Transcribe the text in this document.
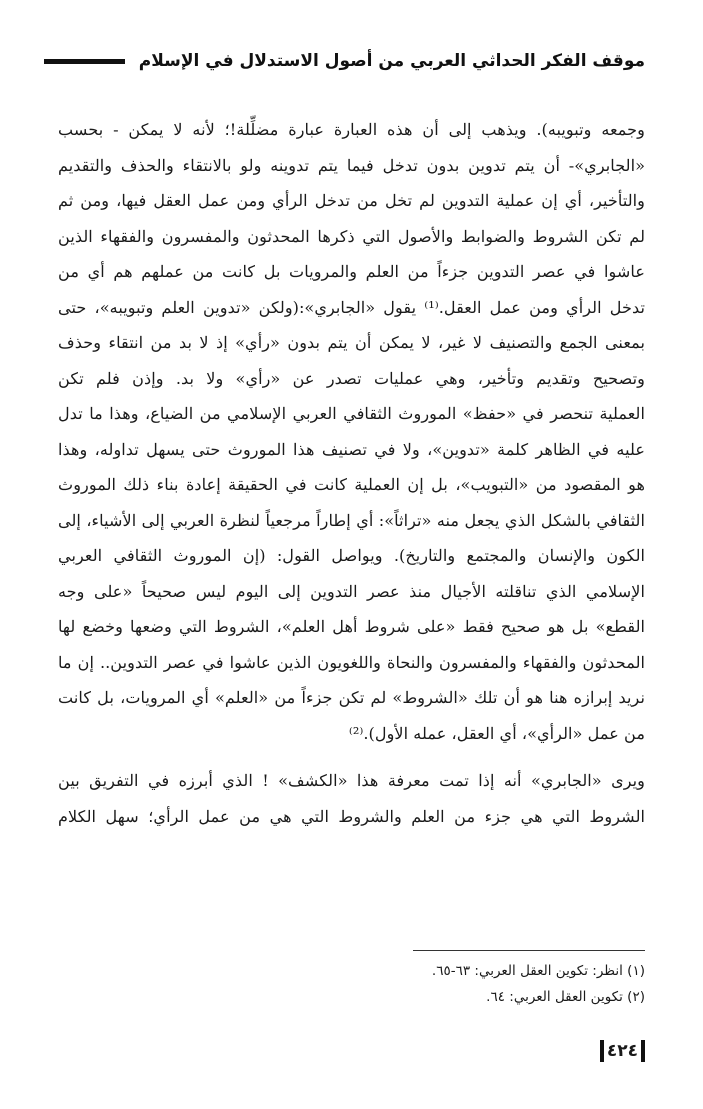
موقف الفكر الحداثي العربي من أصول الاستدلال في الإسلام

وجمعه وتبويبه). ويذهب إلى أن هذه العبارة عبارة مضلِّلة!؛ لأنه لا يمكن - بحسب
«الجابري»- أن يتم تدوين بدون تدخل فيما يتم تدوينه ولو بالانتقاء والحذف والتقديم
والتأخير، أي إن عملية التدوين لم تخل من تدخل الرأي ومن عمل العقل فيها، ومن ثم
لم تكن الشروط والضوابط والأصول التي ذكرها المحدثون والمفسرون والفقهاء الذين
عاشوا في عصر التدوين جزءاً من العلم والمرويات بل كانت من عملهم هم أي من
تدخل الرأي ومن عمل العقل.⁽¹⁾ يقول «الجابري»:(ولكن «تدوين العلم وتبويبه»، حتى
بمعنى الجمع والتصنيف لا غير، لا يمكن أن يتم بدون «رأي» إذ لا بد من انتقاء وحذف
وتصحيح وتقديم وتأخير، وهي عمليات تصدر عن «رأي» ولا بد. وإذن فلم تكن
العملية تنحصر في «حفظ» الموروث الثقافي العربي الإسلامي من الضياع، وهذا ما تدل
عليه في الظاهر كلمة «تدوين»، ولا في تصنيف هذا الموروث حتى يسهل تداوله، وهذا
هو المقصود من «التبويب»، بل إن العملية كانت في الحقيقة إعادة بناء ذلك الموروث
الثقافي بالشكل الذي يجعل منه «تراثاً»: أي إطاراً مرجعياً لنظرة العربي إلى الأشياء، إلى
الكون والإنسان والمجتمع والتاريخ). ويواصل القول: (إن الموروث الثقافي العربي
الإسلامي الذي تناقلته الأجيال منذ عصر التدوين إلى اليوم ليس صحيحاً «على وجه
القطع» بل هو صحيح فقط «على شروط أهل العلم»، الشروط التي وضعها وخضع لها
المحدثون والفقهاء والمفسرون والنحاة واللغويون الذين عاشوا في عصر التدوين.. إن ما
نريد إبرازه هنا هو أن تلك «الشروط» لم تكن جزءاً من «العلم» أي المرويات، بل كانت
من عمل «الرأي»، أي العقل، عمله الأول).⁽²⁾

ويرى «الجابري» أنه إذا تمت معرفة هذا «الكشف» ! الذي أبرزه في التفريق بين
الشروط التي هي جزء من العلم والشروط التي هي من عمل الرأي؛ سهل الكلام

(١) انظر: تكوين العقل العربي: ٦٣-٦٥.
(٢) تكوين العقل العربي: ٦٤.
٤٢٤
